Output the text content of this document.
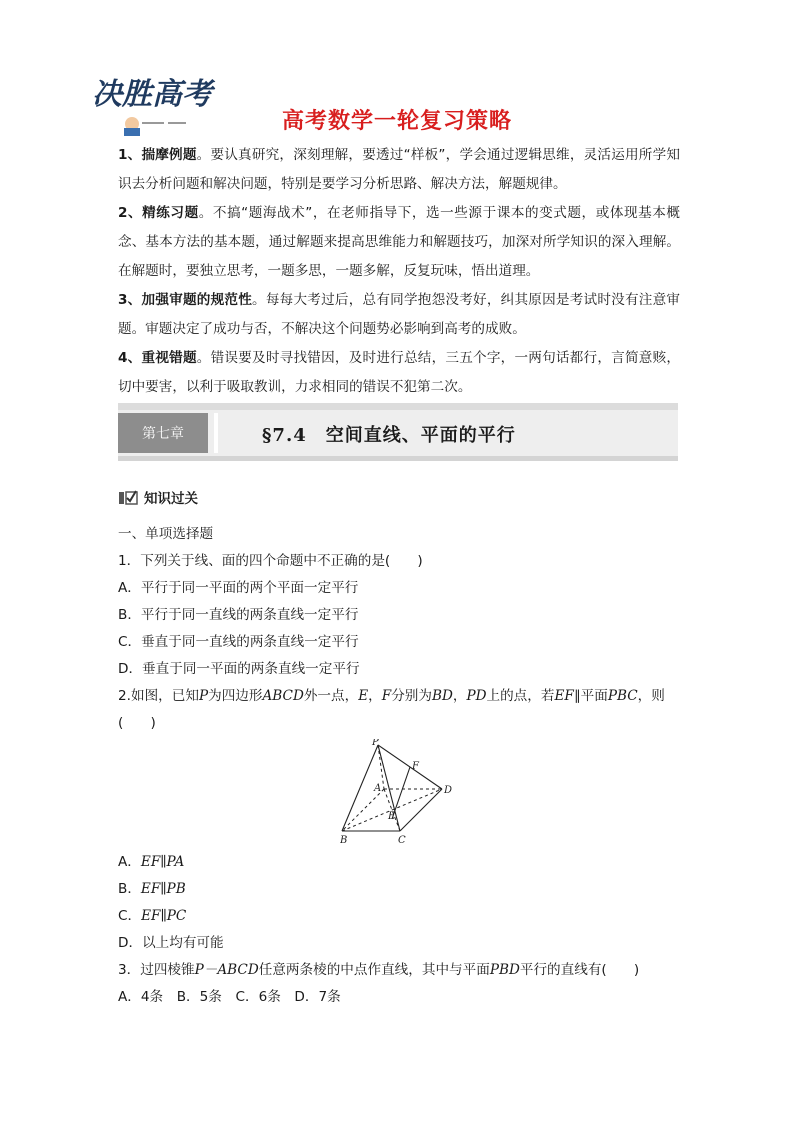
决胜高考
高考数学一轮复习策略

1、揣摩例题。要认真研究，深刻理解，要透过“样板”，学会通过逻辑思维，灵活运用所学知识去分析问题和解决问题，特别是要学习分析思路、解决方法，解题规律。

2、精练习题。不搞“题海战术”，在老师指导下，选一些源于课本的变式题，或体现基本概念、基本方法的基本题，通过解题来提高思维能力和解题技巧，加深对所学知识的深入理解。在解题时，要独立思考，一题多思，一题多解，反复玩味，悟出道理。

3、加强审题的规范性。每每大考过后，总有同学抱怨没考好，纠其原因是考试时没有注意审题。审题决定了成功与否，不解决这个问题势必影响到高考的成败。

4、重视错题。错误要及时寻找错因，及时进行总结，三五个字，一两句话都行，言简意赅，切中要害，以利于吸取教训，力求相同的错误不犯第二次。

第七章	§7.4　空间直线、平面的平行
知识过关

一、单项选择题

1．下列关于线、面的四个命题中不正确的是(　　)

A．平行于同一平面的两个平面一定平行

B．平行于同一直线的两条直线一定平行

C．垂直于同一直线的两条直线一定平行

D．垂直于同一平面的两条直线一定平行

2.如图，已知P为四边形ABCD外一点，E，F分别为BD，PD上的点，若EF∥平面PBC，则(　　)

P
F
A	D
E
B	C

A．EF∥PA

B．EF∥PB

C．EF∥PC

D．以上均有可能

3．过四棱锥P－ABCD任意两条棱的中点作直线，其中与平面PBD平行的直线有(　　)

A．4条　B．5条　C．6条　D．7条
